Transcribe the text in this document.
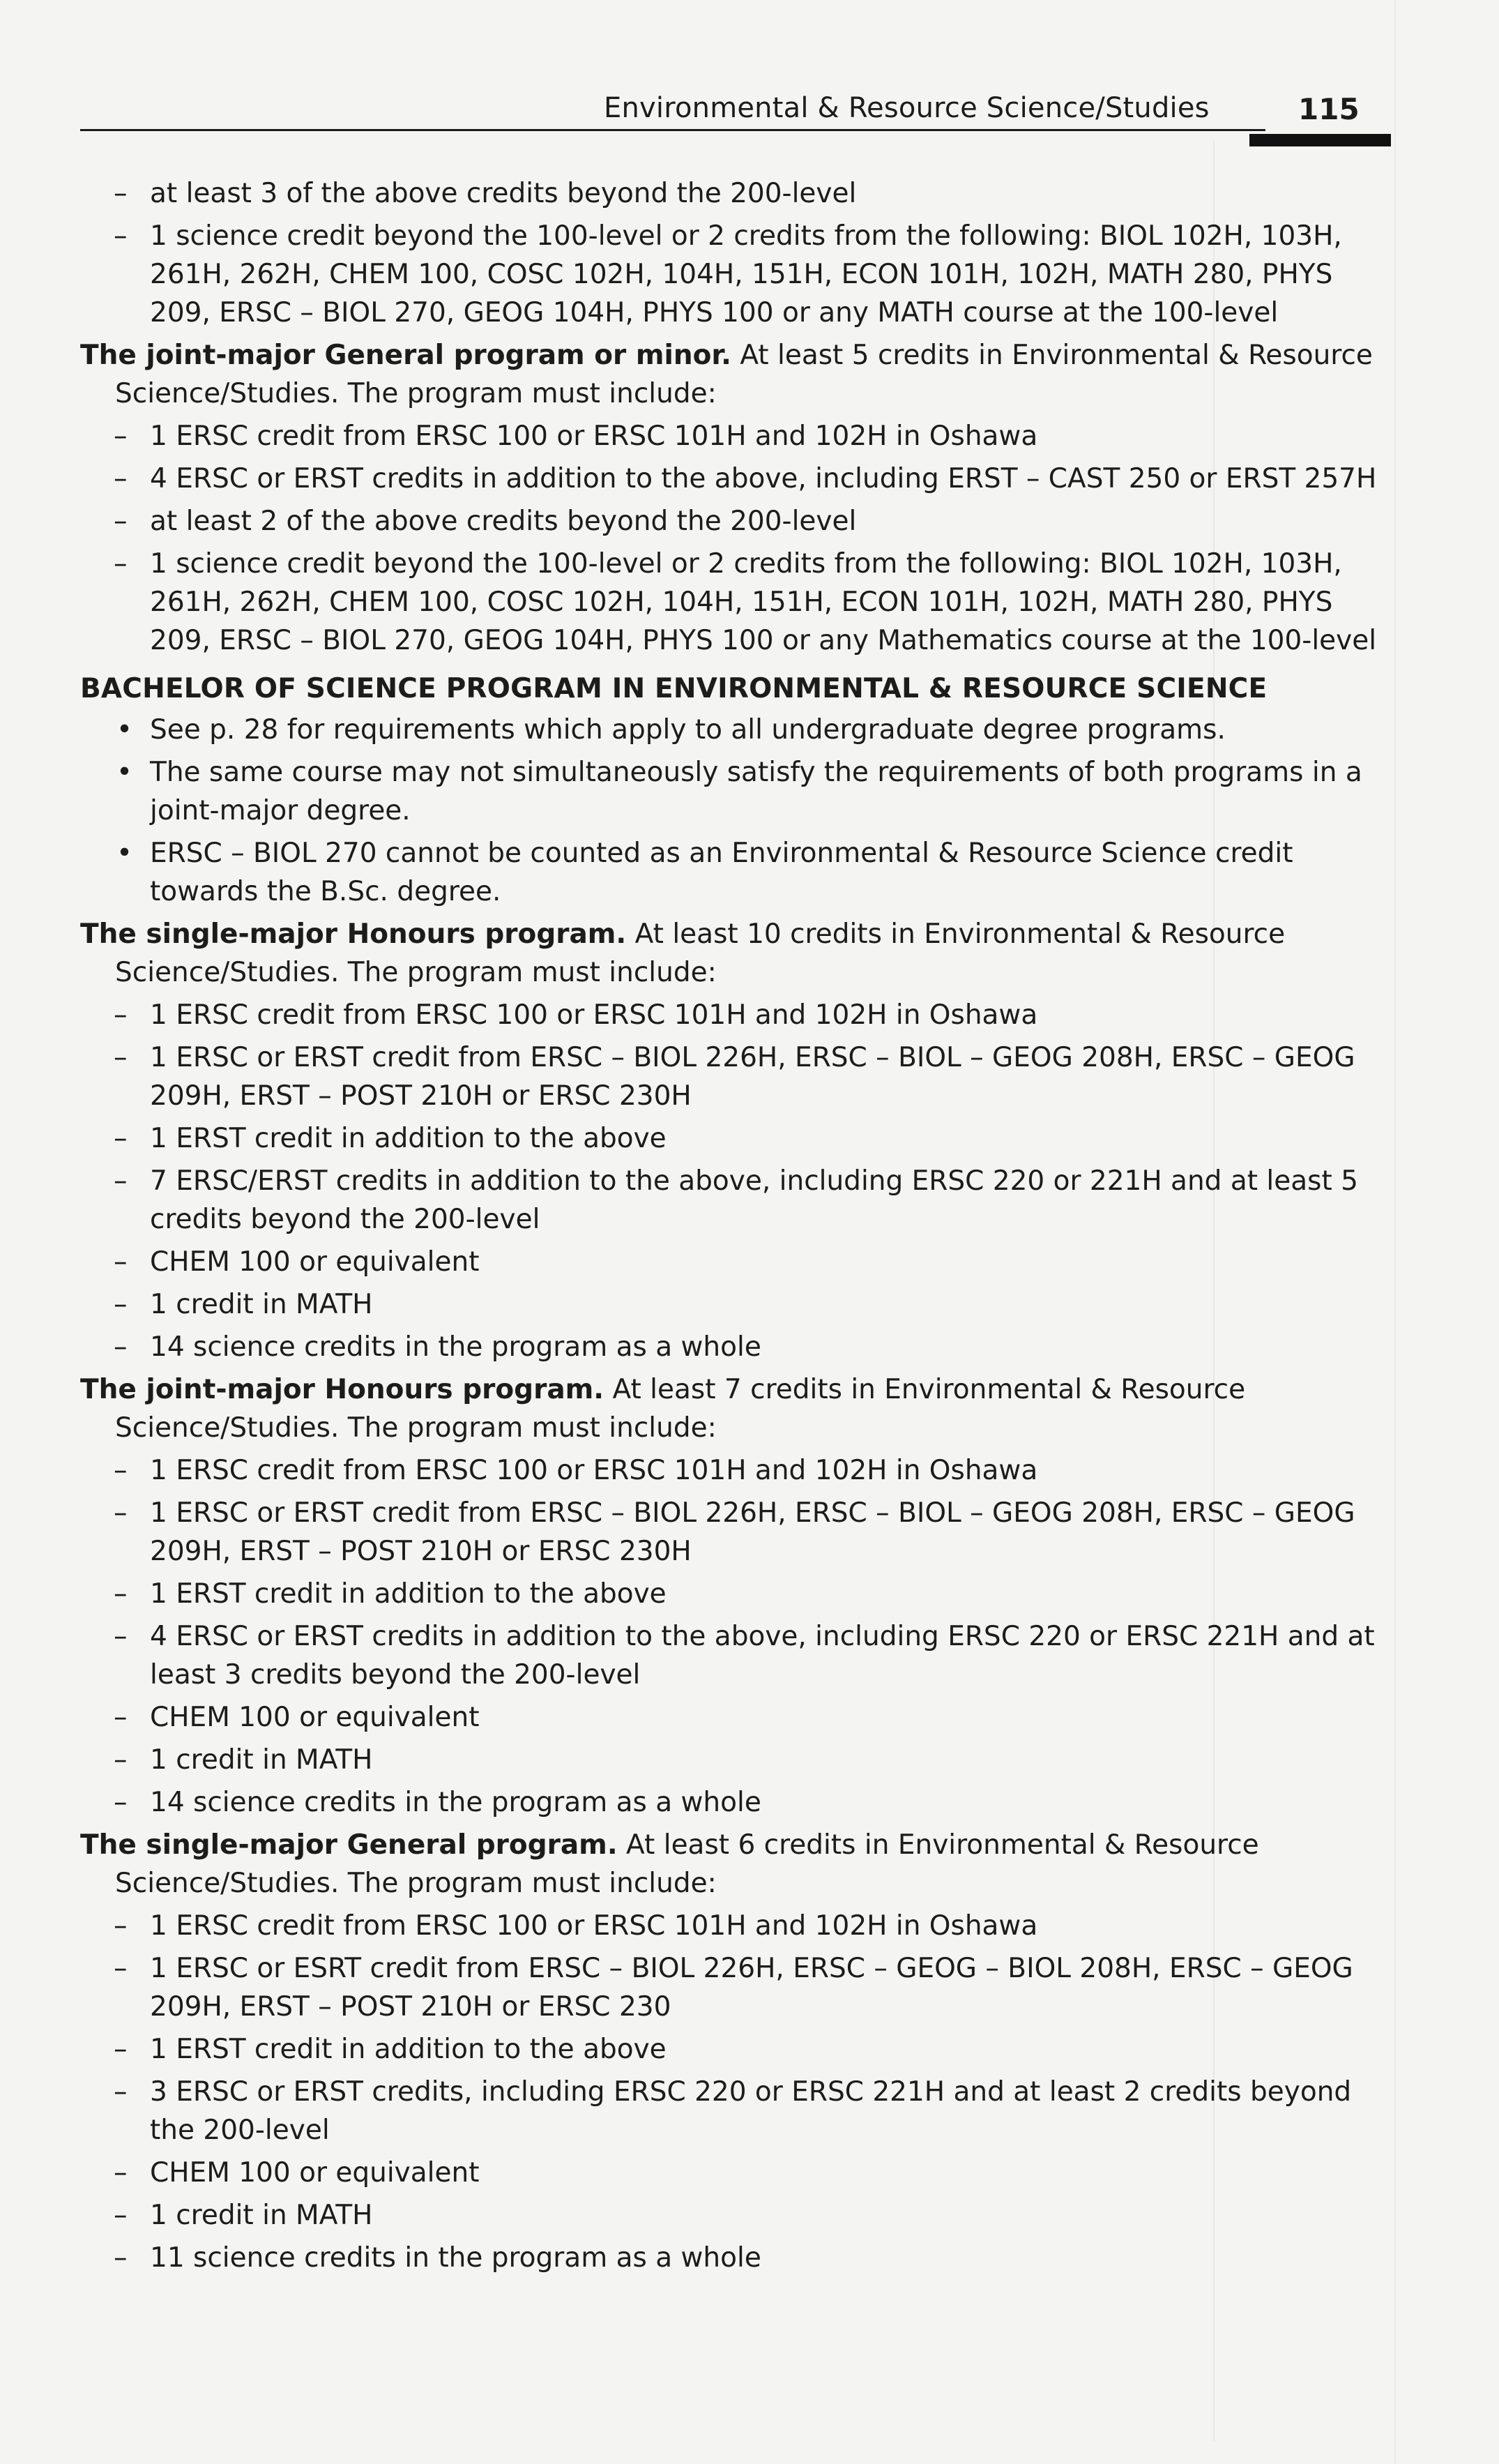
Environmental & Resource Science/Studies	115
– at least 3 of the above credits beyond the 200-level
– 1 science credit beyond the 100-level or 2 credits from the following: BIOL 102H, 103H, 261H, 262H, CHEM 100, COSC 102H, 104H, 151H, ECON 101H, 102H, MATH 280, PHYS 209, ERSC – BIOL 270, GEOG 104H, PHYS 100 or any MATH course at the 100-level
The joint-major General program or minor. At least 5 credits in Environmental & Resource Science/Studies. The program must include:
– 1 ERSC credit from ERSC 100 or ERSC 101H and 102H in Oshawa
– 4 ERSC or ERST credits in addition to the above, including ERST – CAST 250 or ERST 257H
– at least 2 of the above credits beyond the 200-level
– 1 science credit beyond the 100-level or 2 credits from the following: BIOL 102H, 103H, 261H, 262H, CHEM 100, COSC 102H, 104H, 151H, ECON 101H, 102H, MATH 280, PHYS 209, ERSC – BIOL 270, GEOG 104H, PHYS 100 or any Mathematics course at the 100-level
BACHELOR OF SCIENCE PROGRAM IN ENVIRONMENTAL & RESOURCE SCIENCE
• See p. 28 for requirements which apply to all undergraduate degree programs.
• The same course may not simultaneously satisfy the requirements of both programs in a joint-major degree.
• ERSC – BIOL 270 cannot be counted as an Environmental & Resource Science credit towards the B.Sc. degree.
The single-major Honours program. At least 10 credits in Environmental & Resource Science/Studies. The program must include:
– 1 ERSC credit from ERSC 100 or ERSC 101H and 102H in Oshawa
– 1 ERSC or ERST credit from ERSC – BIOL 226H, ERSC – BIOL – GEOG 208H, ERSC – GEOG 209H, ERST – POST 210H or ERSC 230H
– 1 ERST credit in addition to the above
– 7 ERSC/ERST credits in addition to the above, including ERSC 220 or 221H and at least 5 credits beyond the 200-level
– CHEM 100 or equivalent
– 1 credit in MATH
– 14 science credits in the program as a whole
The joint-major Honours program. At least 7 credits in Environmental & Resource Science/Studies. The program must include:
– 1 ERSC credit from ERSC 100 or ERSC 101H and 102H in Oshawa
– 1 ERSC or ERST credit from ERSC – BIOL 226H, ERSC – BIOL – GEOG 208H, ERSC – GEOG 209H, ERST – POST 210H or ERSC 230H
– 1 ERST credit in addition to the above
– 4 ERSC or ERST credits in addition to the above, including ERSC 220 or ERSC 221H and at least 3 credits beyond the 200-level
– CHEM 100 or equivalent
– 1 credit in MATH
– 14 science credits in the program as a whole
The single-major General program. At least 6 credits in Environmental & Resource Science/Studies. The program must include:
– 1 ERSC credit from ERSC 100 or ERSC 101H and 102H in Oshawa
– 1 ERSC or ESRT credit from ERSC – BIOL 226H, ERSC – GEOG – BIOL 208H, ERSC – GEOG 209H, ERST – POST 210H or ERSC 230
– 1 ERST credit in addition to the above
– 3 ERSC or ERST credits, including ERSC 220 or ERSC 221H and at least 2 credits beyond the 200-level
– CHEM 100 or equivalent
– 1 credit in MATH
– 11 science credits in the program as a whole
